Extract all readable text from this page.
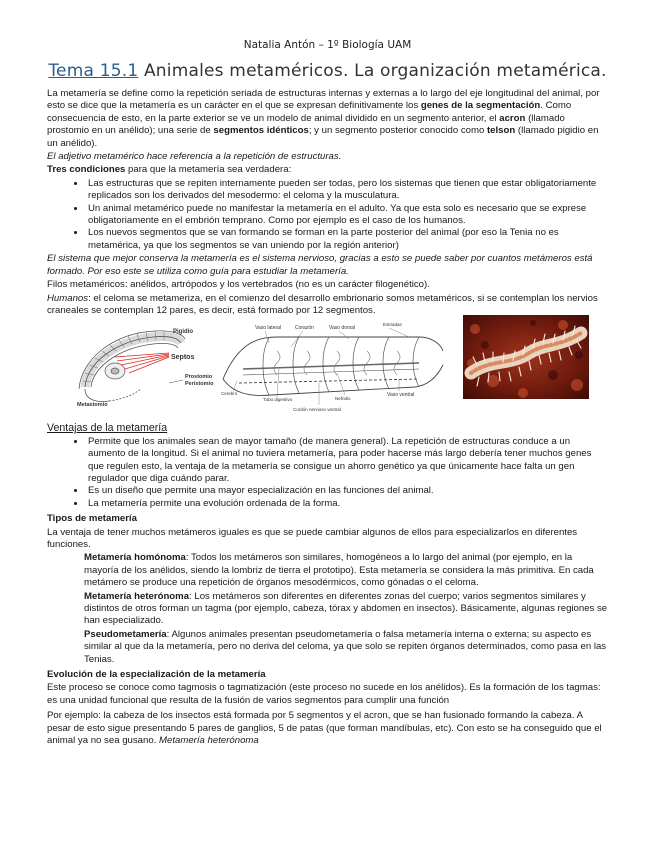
Natalia Antón – 1º Biología UAM
Tema 15.1 Animales metaméricos. La organización metamérica.

La metamería se define como la repetición seriada de estructuras internas y externas a lo largo del eje longitudinal del animal, por esto se dice que la metamería es un carácter en el que se expresan definitivamente los genes de la segmentación. Como consecuencia de esto, en la parte exterior se ve un modelo de animal dividido en un segmento anterior, el acron (llamado prostomio en un anélido); una serie de segmentos idénticos; y un segmento posterior conocido como telson (llamado pigidio en un anélido).

El adjetivo metamérico hace referencia a la repetición de estructuras.

Tres condiciones para que la metamería sea verdadera:

• Las estructuras que se repiten internamente pueden ser todas, pero los sistemas que tienen que estar obligatoriamente replicados son los derivados del mesodermo: el celoma y la musculatura.
• Un animal metamérico puede no manifestar la metamería en el adulto. Ya que esta solo es necesario que se exprese obligatoriamente en el embrión temprano. Como por ejemplo es el caso de los humanos.
• Los nuevos segmentos que se van formando se forman en la parte posterior del animal (por eso la Tenia no es metamérica, ya que los segmentos se van uniendo por la región anterior)

El sistema que mejor conserva la metamería es el sistema nervioso, gracias a esto se puede saber por cuantos metámeros está formado. Por eso este se utiliza como guía para estudiar la metamería.

Filos metaméricos: anélidos, artrópodos y los vertebrados (no es un carácter filogenético).

Humanos: el celoma se metameriza, en el comienzo del desarrollo embrionario somos metaméricos, si se contemplan los nervios craneales se contemplan 12 pares, es decir, está formado por 12 segmentos.

Pigidio
Septos
Prostomio
Peristomio
Metastomio
Vaso lateral	Corazón	Vaso dorsal
Estriadas
Cerebro
Tubo digestivo	Nefridio
Vaso ventral
Cordón nervioso ventral

Ventajas de la metamería

• Permite que los animales sean de mayor tamaño (de manera general). La repetición de estructuras conduce a un aumento de la longitud. Si el animal no tuviera metamería, para poder hacerse más largo debería tener muchos genes que regulen esto, la ventaja de la metamería se consigue un ahorro genético ya que únicamente hace falta un gen regulador que diga cuándo parar.
• Es un diseño que permite una mayor especialización en las funciones del animal.
• La metamería permite una evolución ordenada de la forma.

Tipos de metamería

La ventaja de tener muchos metámeros iguales es que se puede cambiar algunos de ellos para especializarlos en diferentes funciones.

Metamería homónoma: Todos los metámeros son similares, homogéneos a lo largo del animal (por ejemplo, en la mayoría de los anélidos, siendo la lombriz de tierra el prototipo). Esta metamería se considera la más primitiva. En cada metámero se produce una repetición de órganos mesodérmicos, como gónadas o el celoma.

Metamería heterónoma: Los metámeros son diferentes en diferentes zonas del cuerpo; varios segmentos similares y distintos de otros forman un tagma (por ejemplo, cabeza, tórax y abdomen en insectos). Básicamente, algunas regiones se han especializado.

Pseudometamería: Algunos animales presentan pseudometamería o falsa metamería interna o externa; su aspecto es similar al que da la metamería, pero no deriva del celoma, ya que solo se repiten órganos determinados, como pasa en las Tenias.

Evolución de la especialización de la metamería

Este proceso se conoce como tagmosis o tagmatización (este proceso no sucede en los anélidos). Es la formación de los tagmas: es una unidad funcional que resulta de la fusión de varios segmentos para cumplir una función

Por ejemplo: la cabeza de los insectos está formada por 5 segmentos y el acron, que se han fusionado formando la cabeza. A pesar de esto sigue presentando 5 pares de ganglios, 5 de patas (que forman mandíbulas, etc). Con esto se ha conseguido que el animal ya no sea gusano. Metamería heterónoma
